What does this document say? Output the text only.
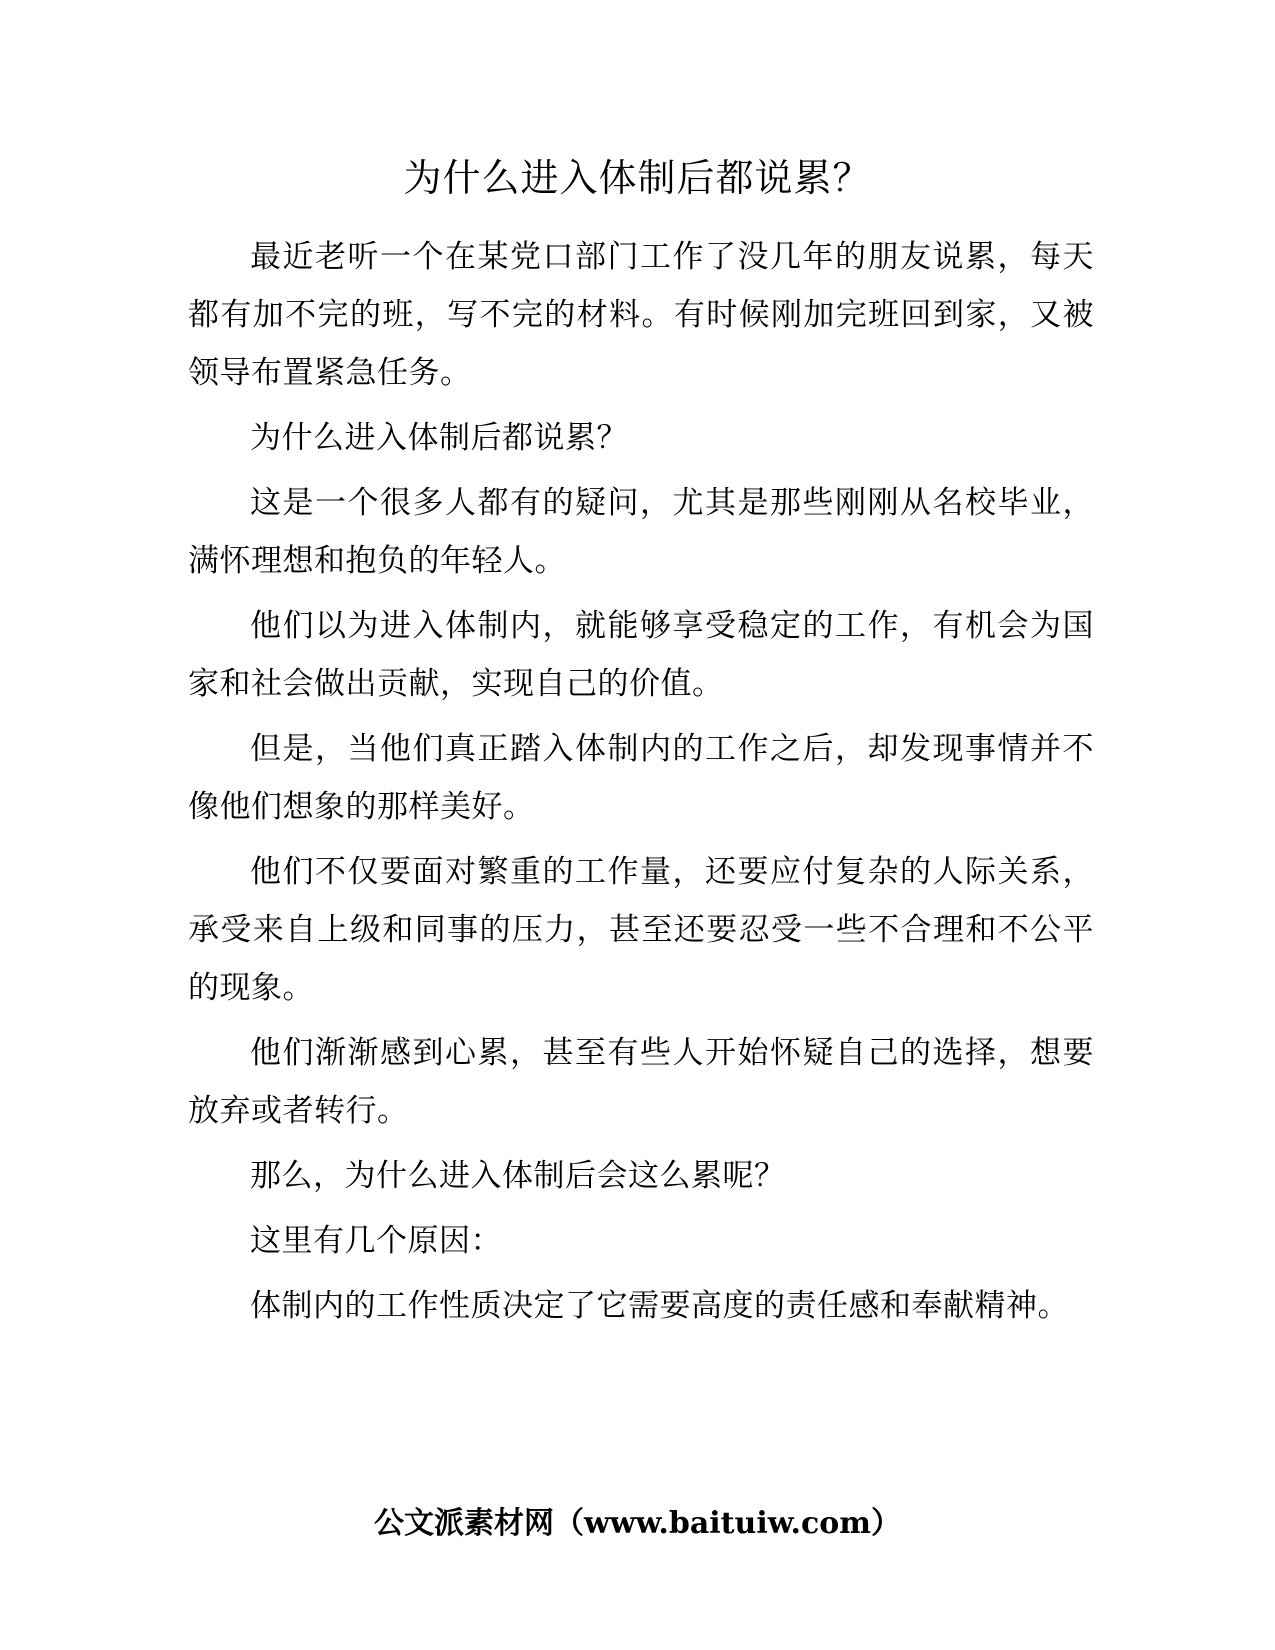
为什么进入体制后都说累？

最近老听一个在某党口部门工作了没几年的朋友说累，每天都有加不完的班，写不完的材料。有时候刚加完班回到家，又被领导布置紧急任务。

为什么进入体制后都说累？

这是一个很多人都有的疑问，尤其是那些刚刚从名校毕业，满怀理想和抱负的年轻人。

他们以为进入体制内，就能够享受稳定的工作，有机会为国家和社会做出贡献，实现自己的价值。

但是，当他们真正踏入体制内的工作之后，却发现事情并不像他们想象的那样美好。

他们不仅要面对繁重的工作量，还要应付复杂的人际关系，承受来自上级和同事的压力，甚至还要忍受一些不合理和不公平的现象。

他们渐渐感到心累，甚至有些人开始怀疑自己的选择，想要放弃或者转行。

那么，为什么进入体制后会这么累呢？

这里有几个原因：

体制内的工作性质决定了它需要高度的责任感和奉献精神。

公文派素材网（www.baituiw.com）
